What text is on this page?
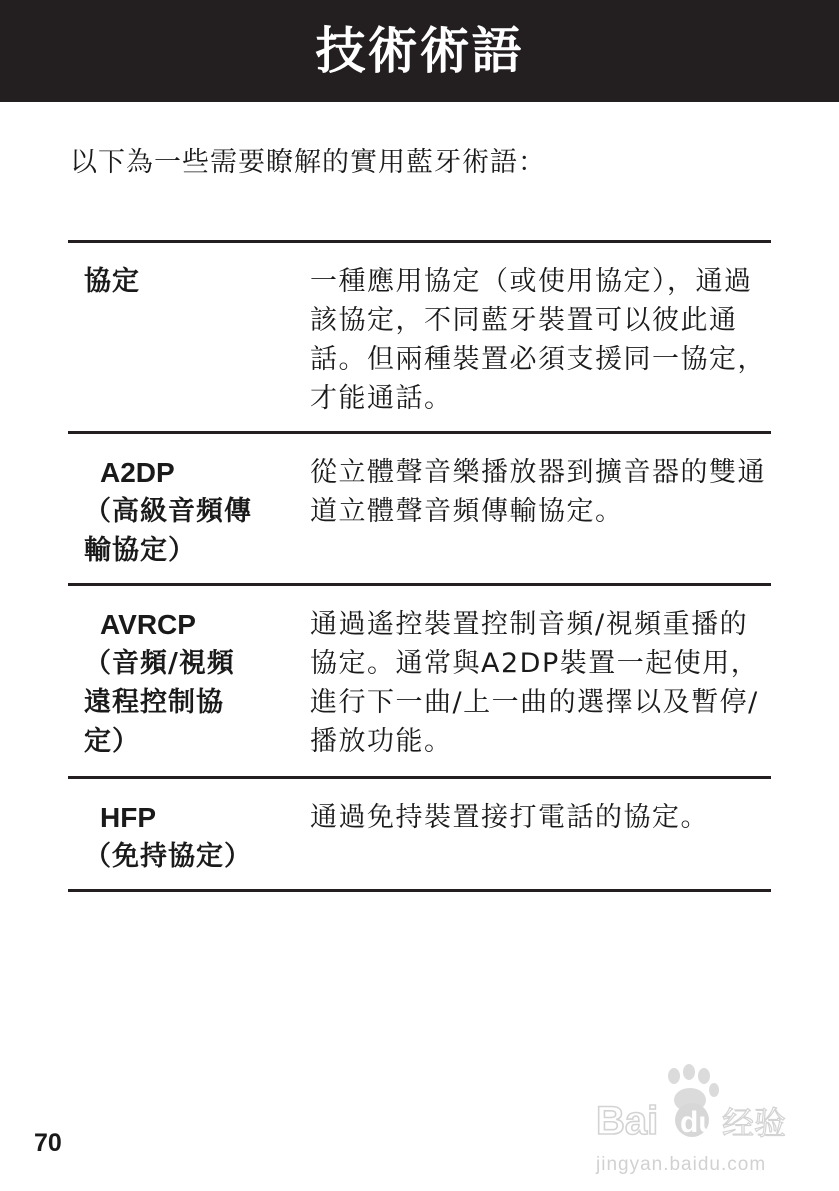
技術術語
以下為一些需要瞭解的實用藍牙術語：
協定	一種應用協定（或使用協定），通過該協定，不同藍牙裝置可以彼此通話。但兩種裝置必須支援同一協定，才能通話。
A2DP
（高級音頻傳
輸協定）
從立體聲音樂播放器到擴音器的雙通道立體聲音頻傳輸協定。
AVRCP
（音頻/視頻
遠程控制協
定）
通過遙控裝置控制音頻/視頻重播的協定。通常與A2DP裝置一起使用，進行下一曲/上一曲的選擇以及暫停/播放功能。
HFP
（免持協定）
通過免持裝置接打電話的協定。
70	Bai du 经验
jingyan.baidu.com
